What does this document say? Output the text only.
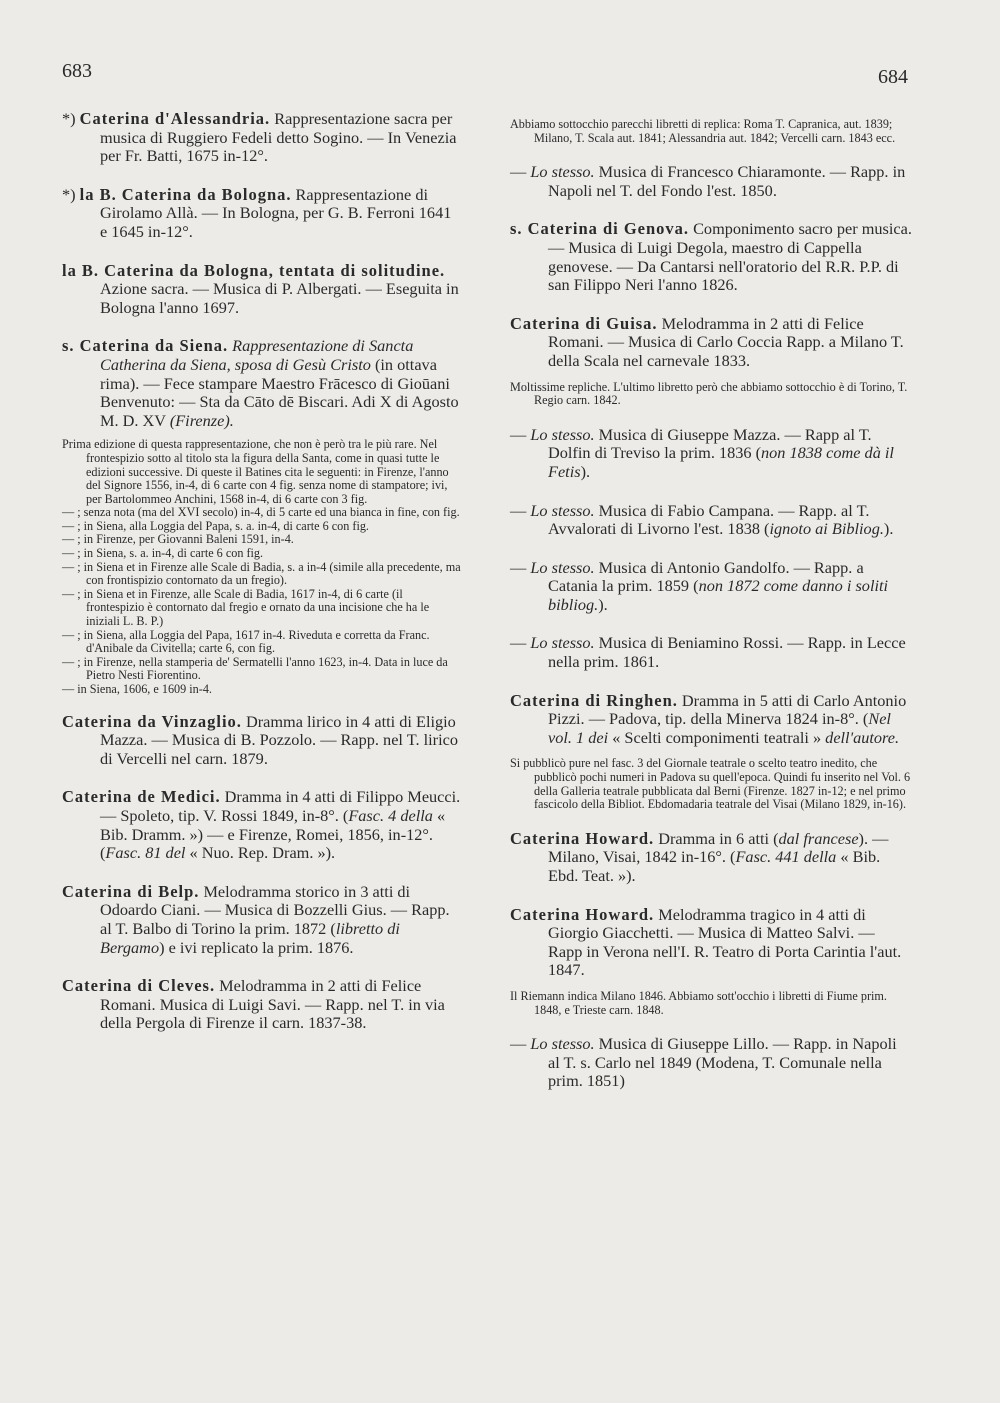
683	684

*) Caterina d'Alessandria. Rappresentazione sacra per musica di Ruggiero Fedeli detto Sogino. — In Venezia per Fr. Batti, 1675 in-12°.

*) la B. Caterina da Bologna. Rappresentazione di Girolamo Allà. — In Bologna, per G. B. Ferroni 1641 e 1645 in-12°.

la B. Caterina da Bologna, tentata di solitudine. Azione sacra. — Musica di P. Albergati. — Eseguita in Bologna l'anno 1697.

s. Caterina da Siena. Rappresentazione di Sancta Catherina da Siena, sposa di Gesù Cristo (in ottava rima). — Fece stampare Maestro Frācesco di Gioūani Benvenuto: — Sta da Cāto dē Biscari. Adi X di Agosto M. D. XV (Firenze).

Prima edizione di questa rappresentazione, che non è però tra le più rare. Nel frontespizio sotto al titolo sta la figura della Santa, come in quasi tutte le edizioni successive. Di queste il Batines cita le seguenti: in Firenze, l'anno del Signore 1556, in-4, di 6 carte con 4 fig. senza nome di stampatore; ivi, per Bartolommeo Anchini, 1568 in-4, di 6 carte con 3 fig.

— ; senza nota (ma del XVI secolo) in-4, di 5 carte ed una bianca in fine, con fig.

— ; in Siena, alla Loggia del Papa, s. a. in-4, di carte 6 con fig.

— ; in Firenze, per Giovanni Baleni 1591, in-4.

— ; in Siena, s. a. in-4, di carte 6 con fig.

— ; in Siena et in Firenze alle Scale di Badia, s. a in-4 (simile alla precedente, ma con frontispizio contornato da un fregio).

— ; in Siena et in Firenze, alle Scale di Badia, 1617 in-4, di 6 carte (il frontespizio è contornato dal fregio e ornato da una incisione che ha le iniziali L. B. P.)

— ; in Siena, alla Loggia del Papa, 1617 in-4. Riveduta e corretta da Franc. d'Anibale da Civitella; carte 6, con fig.

— ; in Firenze, nella stamperia de' Sermatelli l'anno 1623, in-4. Data in luce da Pietro Nesti Fiorentino.

— in Siena, 1606, e 1609 in-4.

Caterina da Vinzaglio. Dramma lirico in 4 atti di Eligio Mazza. — Musica di B. Pozzolo. — Rapp. nel T. lirico di Vercelli nel carn. 1879.

Caterina de Medici. Dramma in 4 atti di Filippo Meucci. — Spoleto, tip. V. Rossi 1849, in-8°. (Fasc. 4 della « Bib. Dramm. ») — e Firenze, Romei, 1856, in-12°. (Fasc. 81 del « Nuo. Rep. Dram. »).

Caterina di Belp. Melodramma storico in 3 atti di Odoardo Ciani. — Musica di Bozzelli Gius. — Rapp. al T. Balbo di Torino la prim. 1872 (libretto di Bergamo) e ivi replicato la prim. 1876.

Caterina di Cleves. Melodramma in 2 atti di Felice Romani. Musica di Luigi Savi. — Rapp. nel T. in via della Pergola di Firenze il carn. 1837-38.

Abbiamo sottocchio parecchi libretti di replica: Roma T. Capranica, aut. 1839; Milano, T. Scala aut. 1841; Alessandria aut. 1842; Vercelli carn. 1843 ecc.

— Lo stesso. Musica di Francesco Chiaramonte. — Rapp. in Napoli nel T. del Fondo l'est. 1850.

s. Caterina di Genova. Componimento sacro per musica. — Musica di Luigi Degola, maestro di Cappella genovese. — Da Cantarsi nell'oratorio del R.R. P.P. di san Filippo Neri l'anno 1826.

Caterina di Guisa. Melodramma in 2 atti di Felice Romani. — Musica di Carlo Coccia Rapp. a Milano T. della Scala nel carnevale 1833.

Moltissime repliche. L'ultimo libretto però che abbiamo sottocchio è di Torino, T. Regio carn. 1842.

— Lo stesso. Musica di Giuseppe Mazza. — Rapp al T. Dolfin di Treviso la prim. 1836 (non 1838 come dà il Fetis).

— Lo stesso. Musica di Fabio Campana. — Rapp. al T. Avvalorati di Livorno l'est. 1838 (ignoto ai Bibliog.).

— Lo stesso. Musica di Antonio Gandolfo. — Rapp. a Catania la prim. 1859 (non 1872 come danno i soliti bibliog.).

— Lo stesso. Musica di Beniamino Rossi. — Rapp. in Lecce nella prim. 1861.

Caterina di Ringhen. Dramma in 5 atti di Carlo Antonio Pizzi. — Padova, tip. della Minerva 1824 in-8°. (Nel vol. 1 dei « Scelti componimenti teatrali » dell'autore.

Si pubblicò pure nel fasc. 3 del Giornale teatrale o scelto teatro inedito, che pubblicò pochi numeri in Padova su quell'epoca. Quindi fu inserito nel Vol. 6 della Galleria teatrale pubblicata dal Berni (Firenze. 1827 in-12; e nel primo fascicolo della Bibliot. Ebdomadaria teatrale del Visai (Milano 1829, in-16).

Caterina Howard. Dramma in 6 atti (dal francese). — Milano, Visai, 1842 in-16°. (Fasc. 441 della « Bib. Ebd. Teat. »).

Caterina Howard. Melodramma tragico in 4 atti di Giorgio Giacchetti. — Musica di Matteo Salvi. — Rapp in Verona nell'I. R. Teatro di Porta Carintia l'aut. 1847.

Il Riemann indica Milano 1846. Abbiamo sott'occhio i libretti di Fiume prim. 1848, e Trieste carn. 1848.

— Lo stesso. Musica di Giuseppe Lillo. — Rapp. in Napoli al T. s. Carlo nel 1849 (Modena, T. Comunale nella prim. 1851)
